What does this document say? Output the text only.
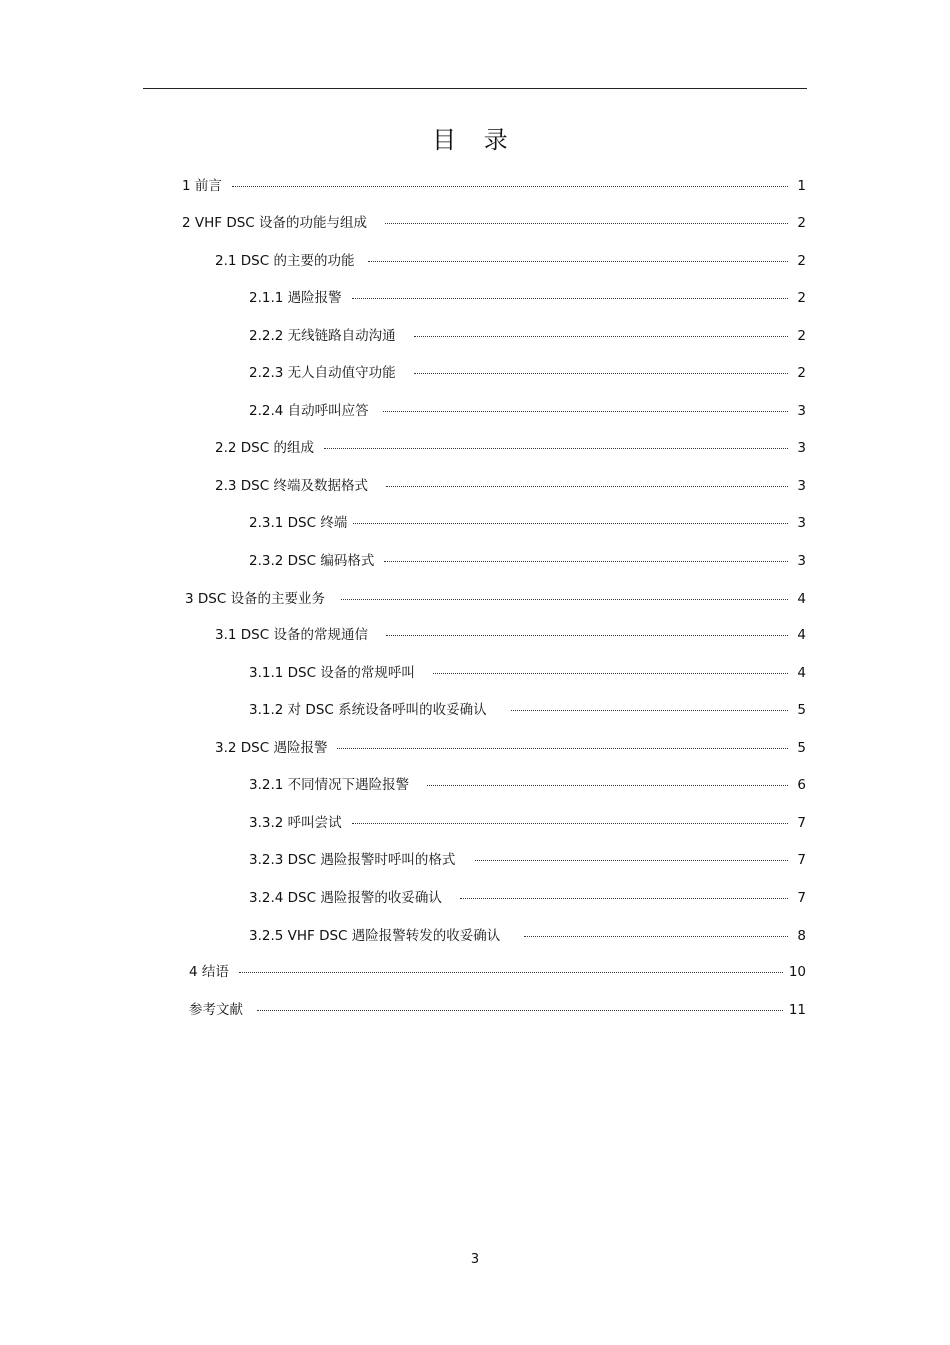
目 录
1 前言	1
2 VHF DSC 设备的功能与组成	2
2.1 DSC 的主要的功能	2
2.1.1 遇险报警	2
2.2.2 无线链路自动沟通	2
2.2.3 无人自动值守功能	2
2.2.4 自动呼叫应答	3
2.2 DSC 的组成	3
2.3 DSC 终端及数据格式	3
2.3.1 DSC 终端	3
2.3.2 DSC 编码格式	3
3 DSC 设备的主要业务	4
3.1 DSC 设备的常规通信	4
3.1.1 DSC 设备的常规呼叫	4
3.1.2 对 DSC 系统设备呼叫的收妥确认	5
3.2 DSC 遇险报警	5
3.2.1 不同情况下遇险报警	6
3.3.2 呼叫尝试	7
3.2.3 DSC 遇险报警时呼叫的格式	7
3.2.4 DSC 遇险报警的收妥确认	7
3.2.5 VHF DSC 遇险报警转发的收妥确认	8
4 结语	10
参考文献	11
3
